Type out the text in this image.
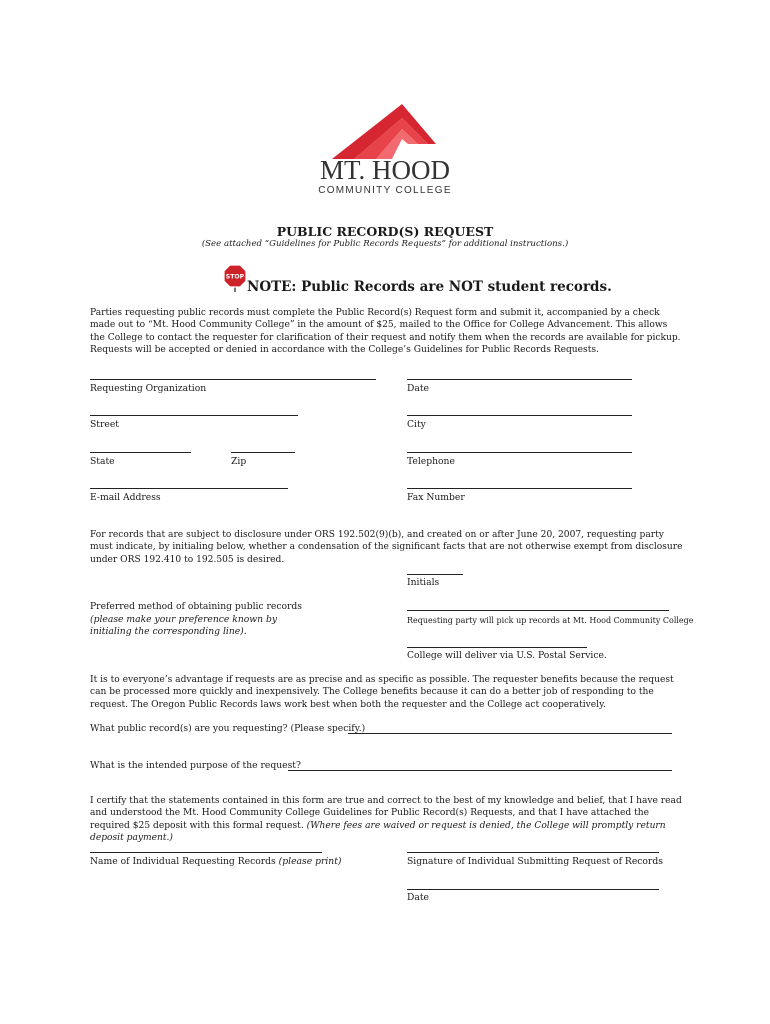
MT. HOOD
COMMUNITY COLLEGE
PUBLIC RECORD(S) REQUEST
(See attached “Guidelines for Public Records Requests” for additional instructions.)
STOP
NOTE: Public Records are NOT student records.
Parties requesting public records must complete the Public Record(s) Request form and submit it, accompanied by a check made out to “Mt. Hood Community College” in the amount of $25, mailed to the Office for College Advancement. This allows the College to contact the requester for clarification of their request and notify them when the records are available for pickup. Requests will be accepted or denied in accordance with the College’s Guidelines for Public Records Requests.
Requesting Organization	Date
Street	City
State	Zip	Telephone
E-mail Address	Fax Number
For records that are subject to disclosure under ORS 192.502(9)(b), and created on or after June 20, 2007, requesting party must indicate, by initialing below, whether a condensation of the significant facts that are not otherwise exempt from disclosure under ORS 192.410 to 192.505 is desired.
Initials
Preferred method of obtaining public records
(please make your preference known by initialing the corresponding line).
Requesting party will pick up records at Mt. Hood Community College
College will deliver via U.S. Postal Service.
It is to everyone’s advantage if requests are as precise and as specific as possible. The requester benefits because the request can be processed more quickly and inexpensively. The College benefits because it can do a better job of responding to the request. The Oregon Public Records laws work best when both the requester and the College act cooperatively.
What public record(s) are you requesting? (Please specify.)
What is the intended purpose of the request?
I certify that the statements contained in this form are true and correct to the best of my knowledge and belief, that I have read and understood the Mt. Hood Community College Guidelines for Public Record(s) Requests, and that I have attached the required $25 deposit with this formal request. (Where fees are waived or request is denied, the College will promptly return deposit payment.)
Name of Individual Requesting Records (please print)	Signature of Individual Submitting Request of Records
Date
